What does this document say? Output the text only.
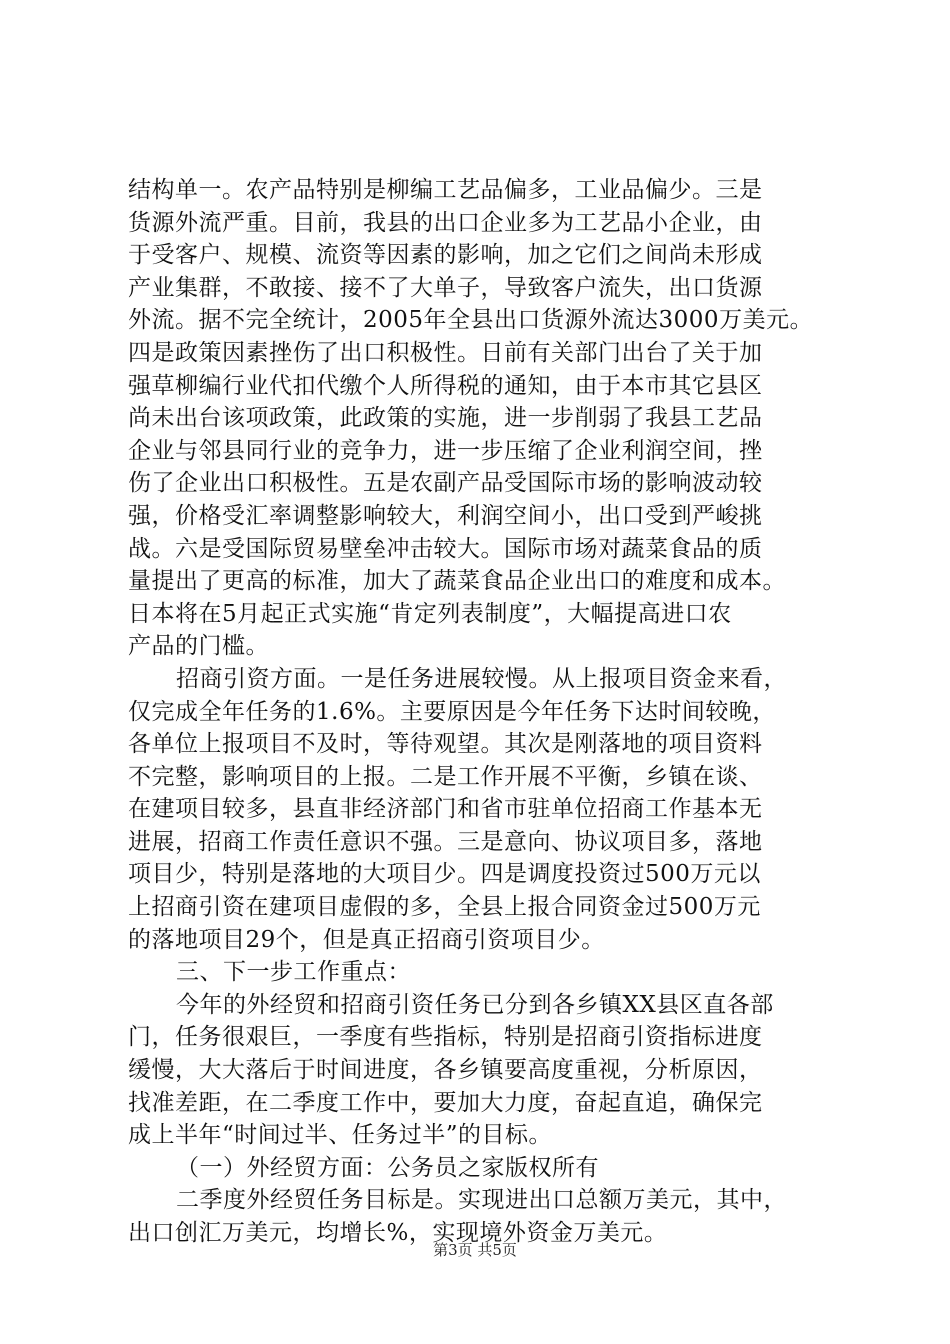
结构单一。农产品特别是柳编工艺品偏多，工业品偏少。三是
货源外流严重。目前，我县的出口企业多为工艺品小企业，由
于受客户、规模、流资等因素的影响，加之它们之间尚未形成
产业集群，不敢接、接不了大单子，导致客户流失，出口货源
外流。据不完全统计，2005年全县出口货源外流达3000万美元。
四是政策因素挫伤了出口积极性。日前有关部门出台了关于加
强草柳编行业代扣代缴个人所得税的通知，由于本市其它县区
尚未出台该项政策，此政策的实施，进一步削弱了我县工艺品
企业与邻县同行业的竞争力，进一步压缩了企业利润空间，挫
伤了企业出口积极性。五是农副产品受国际市场的影响波动较
强，价格受汇率调整影响较大，利润空间小，出口受到严峻挑
战。六是受国际贸易壁垒冲击较大。国际市场对蔬菜食品的质
量提出了更高的标准，加大了蔬菜食品企业出口的难度和成本。
日本将在5月起正式实施“肯定列表制度”，大幅提高进口农
产品的门槛。
招商引资方面。一是任务进展较慢。从上报项目资金来看，
仅完成全年任务的1.6%。主要原因是今年任务下达时间较晚，
各单位上报项目不及时，等待观望。其次是刚落地的项目资料
不完整，影响项目的上报。二是工作开展不平衡，乡镇在谈、
在建项目较多，县直非经济部门和省市驻单位招商工作基本无
进展，招商工作责任意识不强。三是意向、协议项目多，落地
项目少，特别是落地的大项目少。四是调度投资过500万元以
上招商引资在建项目虚假的多，全县上报合同资金过500万元
的落地项目29个，但是真正招商引资项目少。
三、下一步工作重点：
今年的外经贸和招商引资任务已分到各乡镇XX县区直各部
门，任务很艰巨，一季度有些指标，特别是招商引资指标进度
缓慢，大大落后于时间进度，各乡镇要高度重视，分析原因，
找准差距，在二季度工作中，要加大力度，奋起直追，确保完
成上半年“时间过半、任务过半”的目标。
（一）外经贸方面：公务员之家版权所有
二季度外经贸任务目标是。实现进出口总额万美元，其中，
出口创汇万美元，均增长%，实现境外资金万美元。
第3页 共5页
